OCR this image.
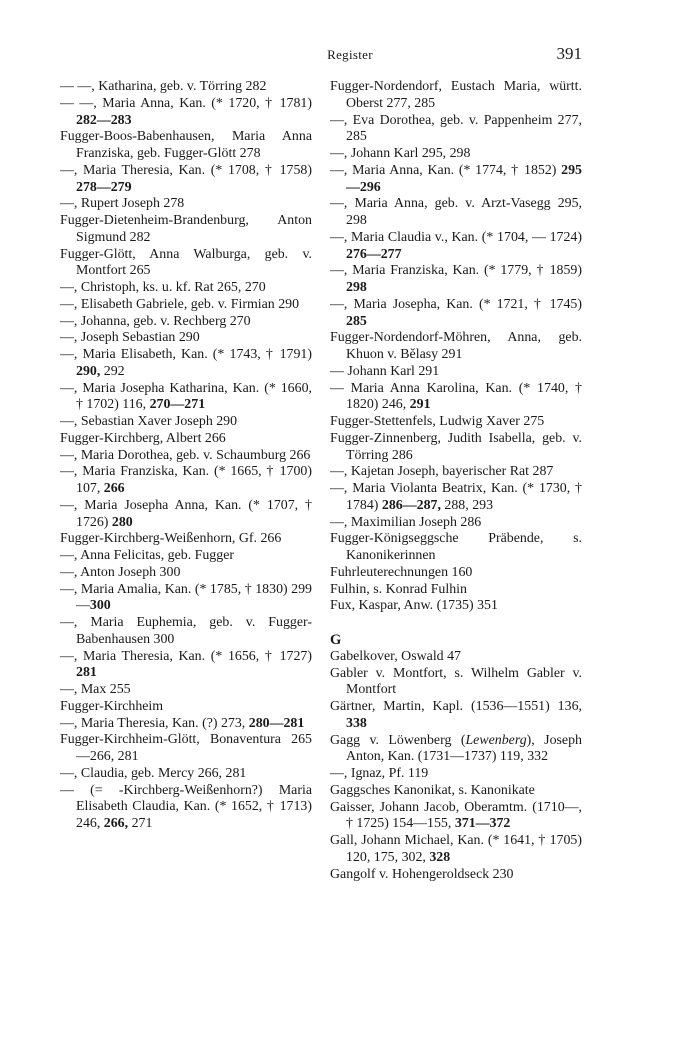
Register	391
— —, Katharina, geb. v. Törring 282
— —, Maria Anna, Kan. (* 1720, † 1781) 282—283
Fugger-Boos-Babenhausen, Maria Anna Franziska, geb. Fugger-Glött 278
—, Maria Theresia, Kan. (* 1708, † 1758) 278—279
—, Rupert Joseph 278
Fugger-Dietenheim-Brandenburg, Anton Sigmund 282
Fugger-Glött, Anna Walburga, geb. v. Montfort 265
—, Christoph, ks. u. kf. Rat 265, 270
—, Elisabeth Gabriele, geb. v. Firmian 290
—, Johanna, geb. v. Rechberg 270
—, Joseph Sebastian 290
—, Maria Elisabeth, Kan. (* 1743, † 1791) 290, 292
—, Maria Josepha Katharina, Kan. (* 1660, † 1702) 116, 270—271
—, Sebastian Xaver Joseph 290
Fugger-Kirchberg, Albert 266
—, Maria Dorothea, geb. v. Schaumburg 266
—, Maria Franziska, Kan. (* 1665, † 1700) 107, 266
—, Maria Josepha Anna, Kan. (* 1707, † 1726) 280
Fugger-Kirchberg-Weißenhorn, Gf. 266
—, Anna Felicitas, geb. Fugger
—, Anton Joseph 300
—, Maria Amalia, Kan. (* 1785, † 1830) 299—300
—, Maria Euphemia, geb. v. Fugger-Babenhausen 300
—, Maria Theresia, Kan. (* 1656, † 1727) 281
—, Max 255
Fugger-Kirchheim
—, Maria Theresia, Kan. (?) 273, 280—281
Fugger-Kirchheim-Glött, Bonaventura 265—266, 281
—, Claudia, geb. Mercy 266, 281
— (= -Kirchberg-Weißenhorn?) Maria Elisabeth Claudia, Kan. (* 1652, † 1713) 246, 266, 271
Fugger-Nordendorf, Eustach Maria, württ. Oberst 277, 285
—, Eva Dorothea, geb. v. Pappenheim 277, 285
—, Johann Karl 295, 298
—, Maria Anna, Kan. (* 1774, † 1852) 295—296
—, Maria Anna, geb. v. Arzt-Vasegg 295, 298
—, Maria Claudia v., Kan. (* 1704, — 1724) 276—277
—, Maria Franziska, Kan. (* 1779, † 1859) 298
—, Maria Josepha, Kan. (* 1721, † 1745) 285
Fugger-Nordendorf-Möhren, Anna, geb. Khuon v. Bělasy 291
— Johann Karl 291
— Maria Anna Karolina, Kan. (* 1740, † 1820) 246, 291
Fugger-Stettenfels, Ludwig Xaver 275
Fugger-Zinnenberg, Judith Isabella, geb. v. Törring 286
—, Kajetan Joseph, bayerischer Rat 287
—, Maria Violanta Beatrix, Kan. (* 1730, † 1784) 286—287, 288, 293
—, Maximilian Joseph 286
Fugger-Königseggsche Präbende, s. Kanonikerinnen
Fuhrleuterechnungen 160
Fulhin, s. Konrad Fulhin
Fux, Kaspar, Anw. (1735) 351
G
Gabelkover, Oswald 47
Gabler v. Montfort, s. Wilhelm Gabler v. Montfort
Gärtner, Martin, Kapl. (1536—1551) 136, 338
Gagg v. Löwenberg (Lewenberg), Joseph Anton, Kan. (1731—1737) 119, 332
—, Ignaz, Pf. 119
Gaggsches Kanonikat, s. Kanonikate
Gaisser, Johann Jacob, Oberamtm. (1710—, † 1725) 154—155, 371—372
Gall, Johann Michael, Kan. (* 1641, † 1705) 120, 175, 302, 328
Gangolf v. Hohengeroldseck 230
